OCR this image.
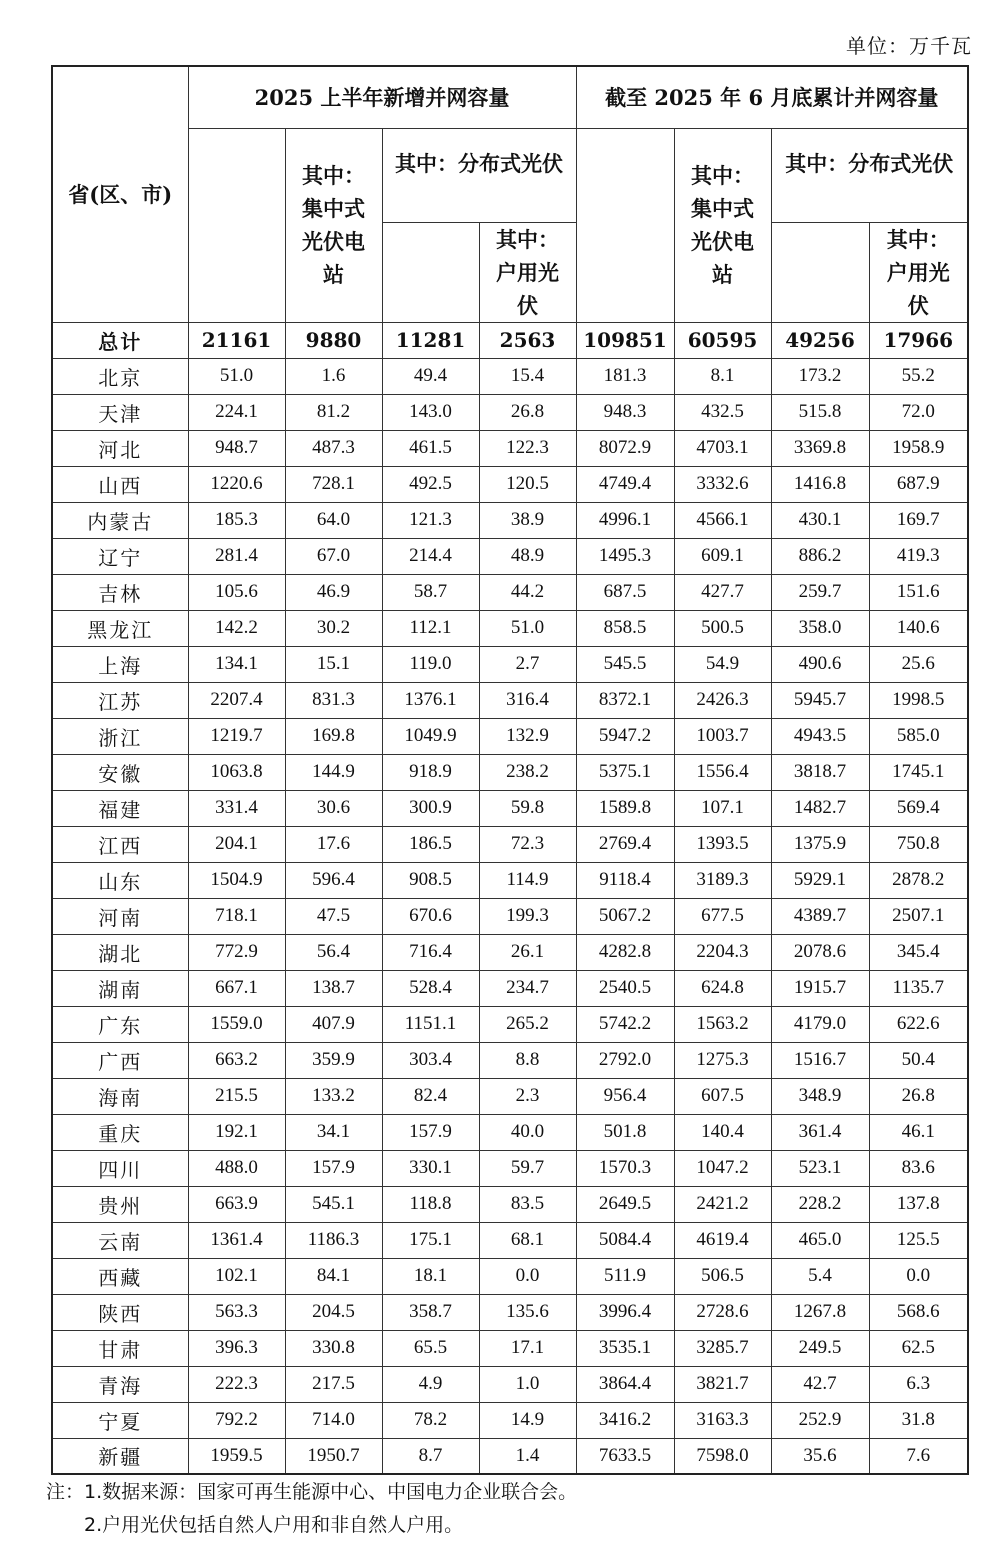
单位：万千瓦
省(区、市)	2025 上半年新增并网容量				截至 2025 年 6 月底累计并网容量			
		其中：集中式光伏电站	其中：分布式光伏			其中：集中式光伏电站	其中：分布式光伏	
				其中：户用光伏				其中：户用光伏
总计	21161	9880	11281	2563	109851	60595	49256	17966
北京	51.0	1.6	49.4	15.4	181.3	8.1	173.2	55.2
天津	224.1	81.2	143.0	26.8	948.3	432.5	515.8	72.0
河北	948.7	487.3	461.5	122.3	8072.9	4703.1	3369.8	1958.9
山西	1220.6	728.1	492.5	120.5	4749.4	3332.6	1416.8	687.9
内蒙古	185.3	64.0	121.3	38.9	4996.1	4566.1	430.1	169.7
辽宁	281.4	67.0	214.4	48.9	1495.3	609.1	886.2	419.3
吉林	105.6	46.9	58.7	44.2	687.5	427.7	259.7	151.6
黑龙江	142.2	30.2	112.1	51.0	858.5	500.5	358.0	140.6
上海	134.1	15.1	119.0	2.7	545.5	54.9	490.6	25.6
江苏	2207.4	831.3	1376.1	316.4	8372.1	2426.3	5945.7	1998.5
浙江	1219.7	169.8	1049.9	132.9	5947.2	1003.7	4943.5	585.0
安徽	1063.8	144.9	918.9	238.2	5375.1	1556.4	3818.7	1745.1
福建	331.4	30.6	300.9	59.8	1589.8	107.1	1482.7	569.4
江西	204.1	17.6	186.5	72.3	2769.4	1393.5	1375.9	750.8
山东	1504.9	596.4	908.5	114.9	9118.4	3189.3	5929.1	2878.2
河南	718.1	47.5	670.6	199.3	5067.2	677.5	4389.7	2507.1
湖北	772.9	56.4	716.4	26.1	4282.8	2204.3	2078.6	345.4
湖南	667.1	138.7	528.4	234.7	2540.5	624.8	1915.7	1135.7
广东	1559.0	407.9	1151.1	265.2	5742.2	1563.2	4179.0	622.6
广西	663.2	359.9	303.4	8.8	2792.0	1275.3	1516.7	50.4
海南	215.5	133.2	82.4	2.3	956.4	607.5	348.9	26.8
重庆	192.1	34.1	157.9	40.0	501.8	140.4	361.4	46.1
四川	488.0	157.9	330.1	59.7	1570.3	1047.2	523.1	83.6
贵州	663.9	545.1	118.8	83.5	2649.5	2421.2	228.2	137.8
云南	1361.4	1186.3	175.1	68.1	5084.4	4619.4	465.0	125.5
西藏	102.1	84.1	18.1	0.0	511.9	506.5	5.4	0.0
陕西	563.3	204.5	358.7	135.6	3996.4	2728.6	1267.8	568.6
甘肃	396.3	330.8	65.5	17.1	3535.1	3285.7	249.5	62.5
青海	222.3	217.5	4.9	1.0	3864.4	3821.7	42.7	6.3
宁夏	792.2	714.0	78.2	14.9	3416.2	3163.3	252.9	31.8
新疆	1959.5	1950.7	8.7	1.4	7633.5	7598.0	35.6	7.6
注：1.数据来源：国家可再生能源中心、中国电力企业联合会。
2.户用光伏包括自然人户用和非自然人户用。
